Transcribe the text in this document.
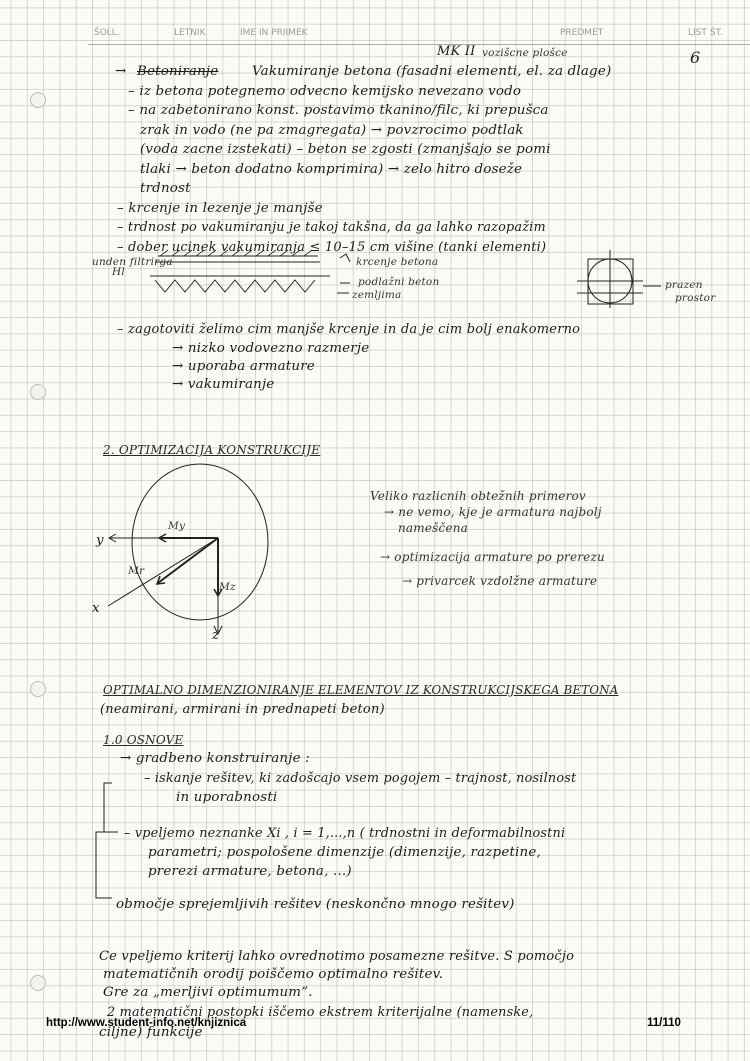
ŠOLL.	LETNIK	IME IN PRIIMEK	PREDMET	LIST ŠT.
MK II vozišcne plošce	6
→ Betoniranje	Vakumiranje betona (fasadni elementi, el. za dlage)
– iz betona potegnemo odvecno kemijsko nevezano vodo
– na zabetonirano konst. postavimo tkanino/filc, ki prepušca
zrak in vodo (ne pa zmagregata) → povzrocimo podtlak
(voda zacne izstekati) – beton se zgosti (zmanjšajo se pomi
tlaki → beton dodatno komprimira) → zelo hitro doseže
trdnost
– krcenje in lezenje je manjše
– trdnost po vakumiranju je takoj takšna, da ga lahko razopažim
– dober ucinek vakumiranja ≤ 10–15 cm višine (tanki elementi)
unden filtrirga
Hl
krcenje betona
podlažni beton
zemljima
prazen
prostor
– zagotoviti želimo cim manjše krcenje in da je cim bolj enakomerno
→ nizko vodovezno razmerje
→ uporaba armature
→ vakumiranje
2. OPTIMIZACIJA KONSTRUKCIJE
y
x
z
My
Mz
Mr
Veliko razlicnih obtežnih primerov
→ ne vemo, kje je armatura najbolj
nameščena
→ optimizacija armature po prerezu
→ privarcek vzdolžne armature
OPTIMALNO DIMENZIONIRANJE ELEMENTOV IZ KONSTRUKCIJSKEGA BETONA
(neamirani, armirani in prednapeti beton)
1.0 OSNOVE
→ gradbeno konstruiranje :
– iskanje rešitev, ki zadošcajo vsem pogojem – trajnost, nosilnost
in uporabnosti
– vpeljemo neznanke Xi , i = 1,...,n ( trdnostni in deformabilnostni
parametri; pospološene dimenzije (dimenzije, razpetine,
prerezi armature, betona, ...)
območje sprejemljivih rešitev (neskončno mnogo rešitev)
Ce vpeljemo kriterij lahko ovrednotimo posamezne rešitve. S pomočjo
matematičnih orodij poiščemo optimalno rešitev.
Gre za „merljivi optimumum”.
2 matematični postopki iščemo ekstrem kriterijalne (namenske,
ciljne) funkcije
http://www.student-info.net/knjiznica	11/110
